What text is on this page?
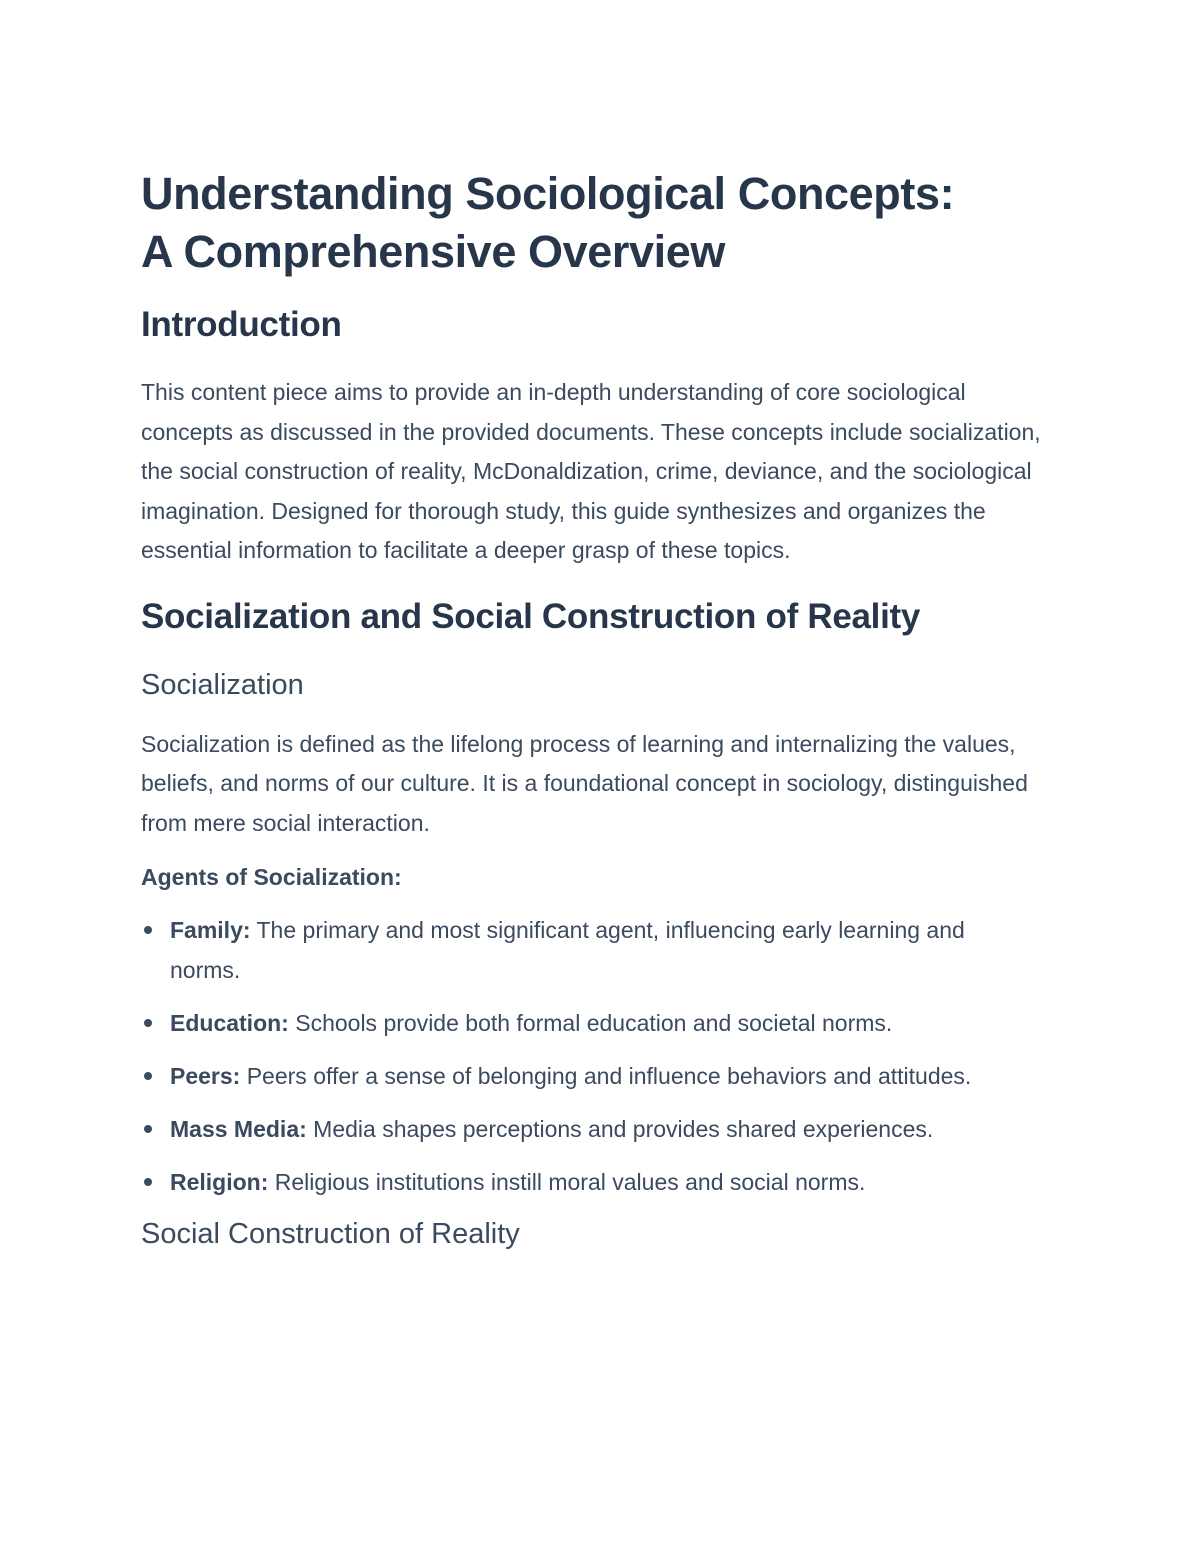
Understanding Sociological Concepts:
A Comprehensive Overview
Introduction

This content piece aims to provide an in-depth understanding of core sociological concepts as discussed in the provided documents. These concepts include socialization, the social construction of reality, McDonaldization, crime, deviance, and the sociological imagination. Designed for thorough study, this guide synthesizes and organizes the essential information to facilitate a deeper grasp of these topics.

Socialization and Social Construction of Reality
Socialization

Socialization is defined as the lifelong process of learning and internalizing the values, beliefs, and norms of our culture. It is a foundational concept in sociology, distinguished from mere social interaction.

Agents of Socialization:
Family: The primary and most significant agent, influencing early learning and norms.
Education: Schools provide both formal education and societal norms.
Peers: Peers offer a sense of belonging and influence behaviors and attitudes.
Mass Media: Media shapes perceptions and provides shared experiences.
Religion: Religious institutions instill moral values and social norms.
Social Construction of Reality
